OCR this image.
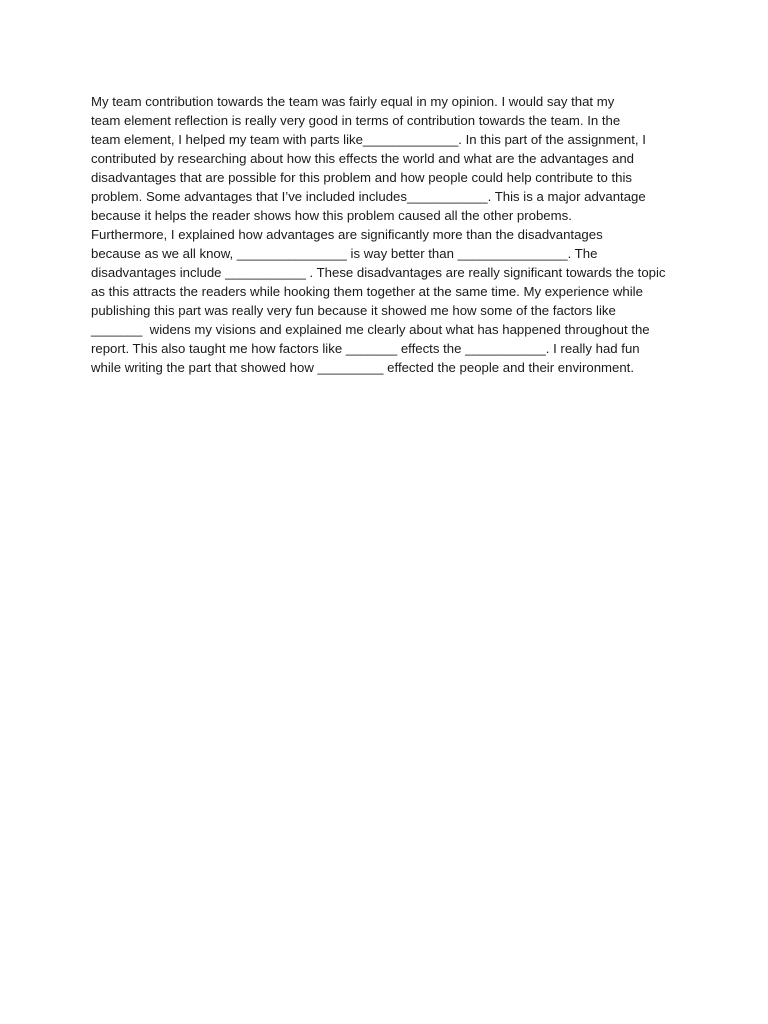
My team contribution towards the team was fairly equal in my opinion. I would say that my
team element reflection is really very good in terms of contribution towards the team. In the
team element, I helped my team with parts like_____________. In this part of the assignment, I
contributed by researching about how this effects the world and what are the advantages and
disadvantages that are possible for this problem and how people could help contribute to this
problem. Some advantages that I’ve included includes___________. This is a major advantage
because it helps the reader shows how this problem caused all the other probems.
Furthermore, I explained how advantages are significantly more than the disadvantages
because as we all know, _______________ is way better than _______________. The
disadvantages include ___________ . These disadvantages are really significant towards the topic
as this attracts the readers while hooking them together at the same time. My experience while
publishing this part was really very fun because it showed me how some of the factors like
_______  widens my visions and explained me clearly about what has happened throughout the
report. This also taught me how factors like _______ effects the ___________. I really had fun
while writing the part that showed how _________ effected the people and their environment.
